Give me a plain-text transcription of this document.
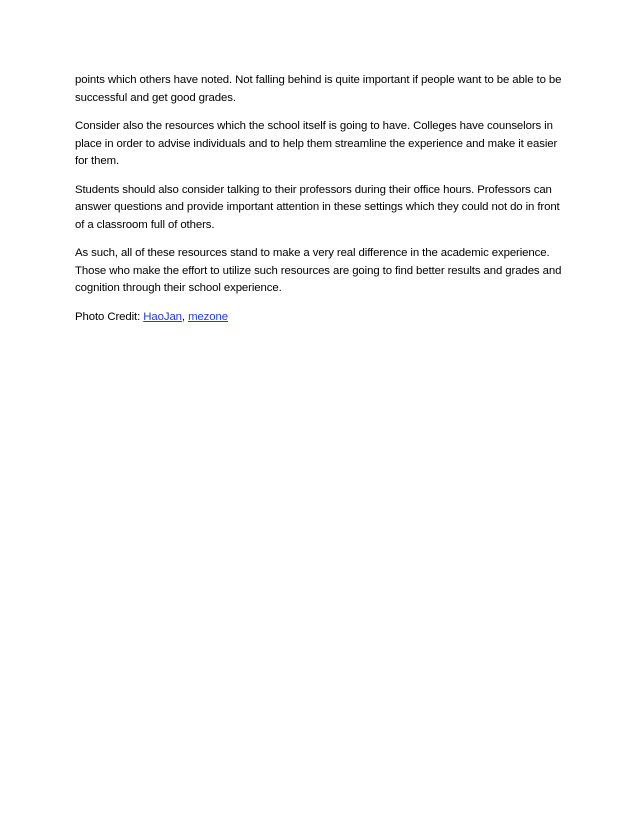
points which others have noted. Not falling behind is quite important if people want to be able to be successful and get good grades.

Consider also the resources which the school itself is going to have. Colleges have counselors in place in order to advise individuals and to help them streamline the experience and make it easier for them.

Students should also consider talking to their professors during their office hours. Professors can answer questions and provide important attention in these settings which they could not do in front of a classroom full of others.

As such, all of these resources stand to make a very real difference in the academic experience. Those who make the effort to utilize such resources are going to find better results and grades and cognition through their school experience.

Photo Credit: HaoJan, mezone
